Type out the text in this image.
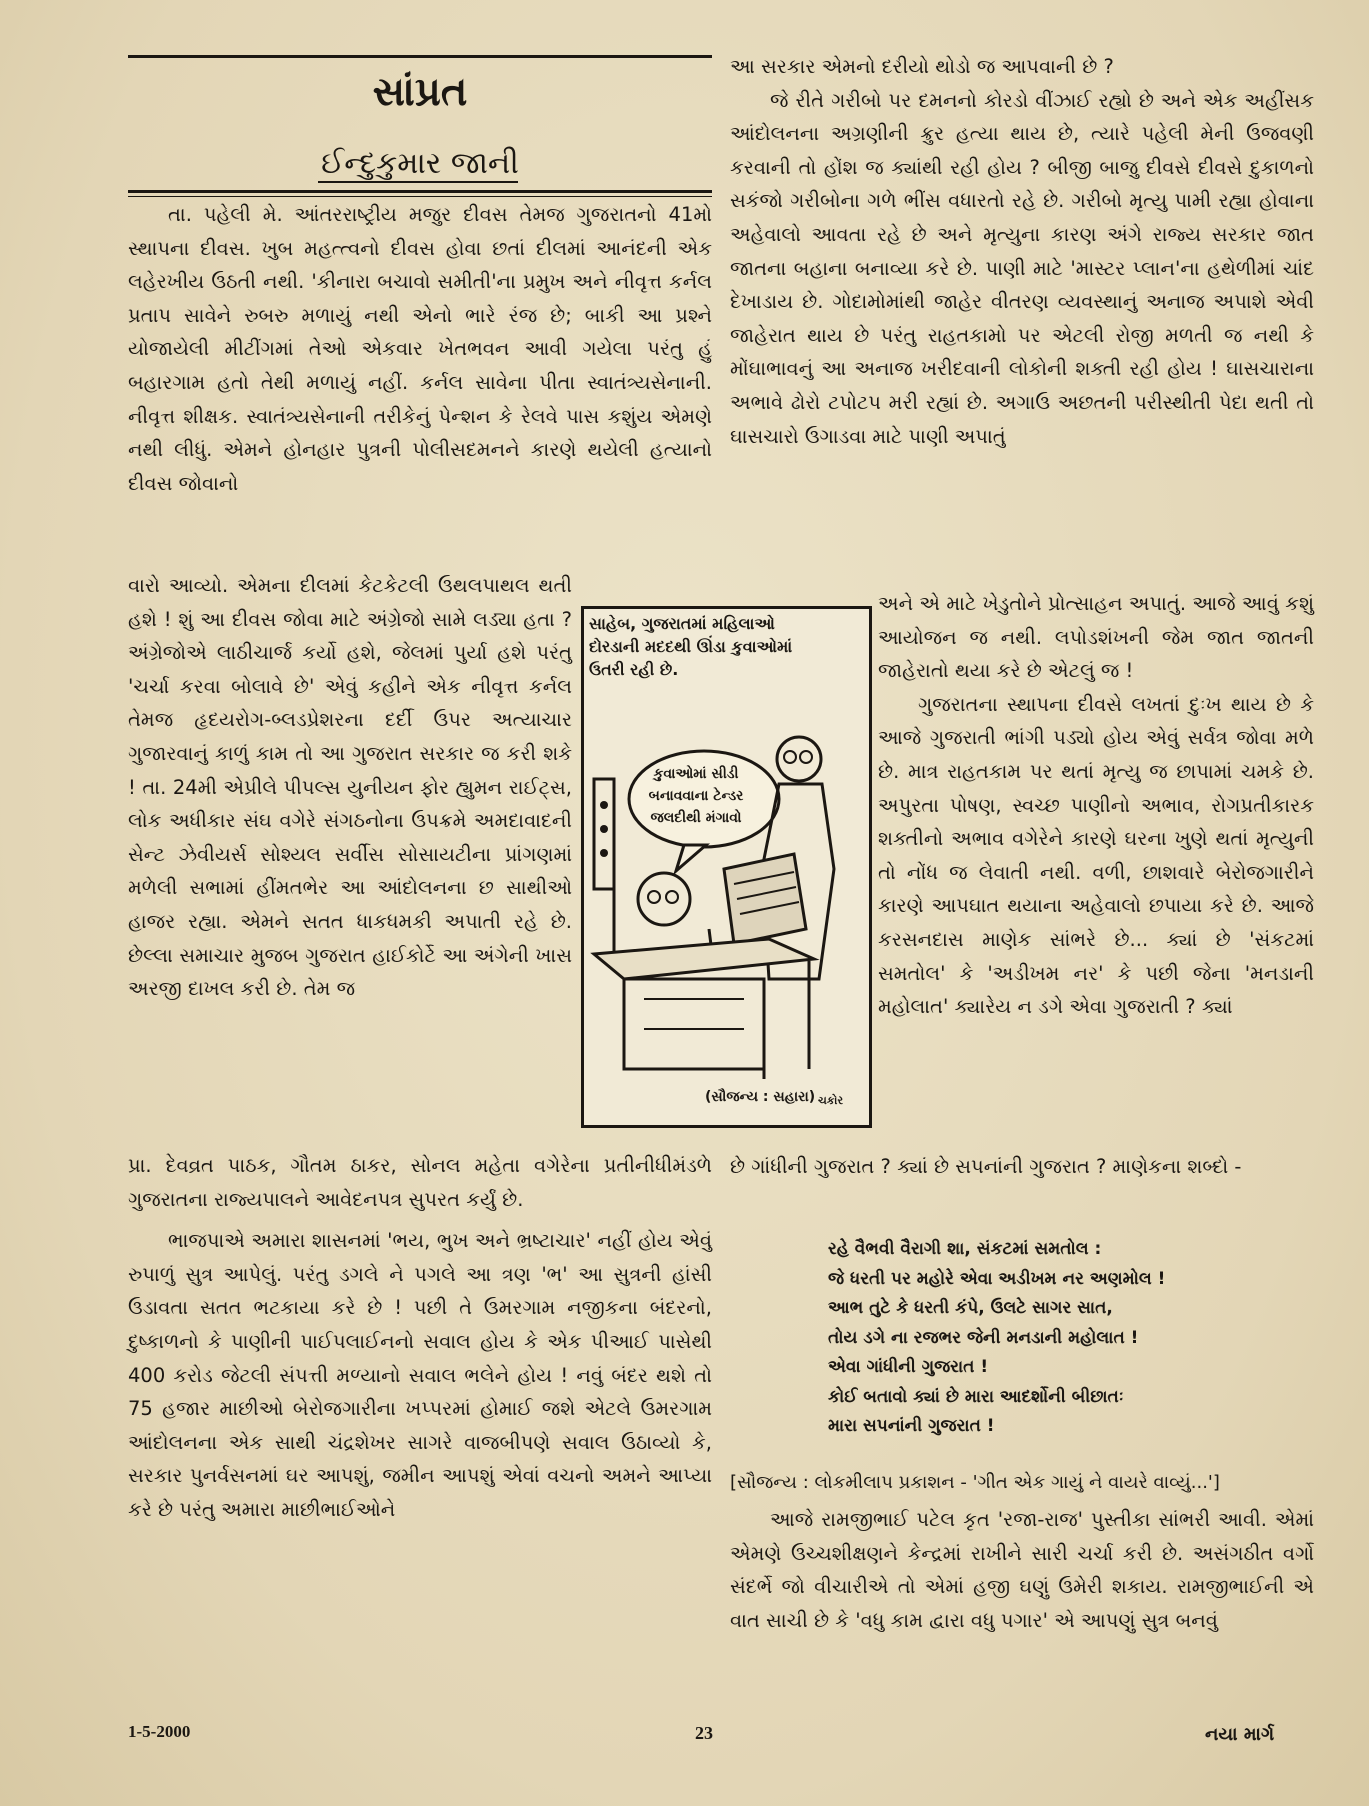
સાંપ્રત
ઈન્દુકુમાર જાની

તા. પહેલી મે. આંતરરાષ્ટ્રીય મજુર દીવસ તેમજ ગુજરાતનો 41મો સ્થાપના દીવસ. ખુબ મહત્ત્વનો દીવસ હોવા છતાં દીલમાં આનંદની એક લહેરખીય ઉઠતી નથી. 'કીનારા બચાવો સમીતી'ના પ્રમુખ અને નીવૃત્ત કર્નલ પ્રતાપ સાવેને રુબરુ મળાયું નથી એનો ભારે રંજ છે; બાકી આ પ્રશ્ને યોજાયેલી મીટીંગમાં તેઓ એકવાર ખેતભવન આવી ગયેલા પરંતુ હું બહારગામ હતો તેથી મળાયું નહીં. કર્નલ સાવેના પીતા સ્વાતંત્ર્યસેનાની. નીવૃત્ત શીક્ષક. સ્વાતંત્ર્યસેનાની તરીકેનું પેન્શન કે રેલવે પાસ કશુંય એમણે નથી લીધું. એમને હોનહાર પુત્રની પોલીસદમનને કારણે થયેલી હત્યાનો દીવસ જોવાનો

વારો આવ્યો. એમના દીલમાં કેટકેટલી ઉથલપાથલ થતી હશે ! શું આ દીવસ જોવા માટે અંગ્રેજો સામે લડ્યા હતા ? અંગ્રેજોએ લાઠીચાર્જ કર્યો હશે, જેલમાં પુર્યા હશે પરંતુ 'ચર્ચા કરવા બોલાવે છે' એવું કહીને એક નીવૃત્ત કર્નલ તેમજ હૃદયરોગ-બ્લડપ્રેશરના દર્દી ઉપર અત્યાચાર ગુજારવાનું કાળું કામ તો આ ગુજરાત સરકાર જ કરી શકે ! તા. 24મી એપ્રીલે પીપલ્સ યુનીયન ફોર હ્યુમન રાઈટ્સ, લોક અધીકાર સંઘ વગેરે સંગઠનોના ઉપક્રમે અમદાવાદની સેન્ટ ઝેવીયર્સ સોશ્યલ સર્વીસ સોસાયટીના પ્રાંગણમાં મળેલી સભામાં હીંમતભેર આ આંદોલનના છ સાથીઓ હાજર રહ્યા. એમને સતત ધાકધમકી અપાતી રહે છે. છેલ્લા સમાચાર મુજબ ગુજરાત હાઈકોર્ટે આ અંગેની ખાસ અરજી દાખલ કરી છે. તેમ જ

પ્રા. દેવવ્રત પાઠક, ગૌતમ ઠાકર, સોનલ મહેતા વગેરેના પ્રતીનીધીમંડળે ગુજરાતના રાજ્યપાલને આવેદનપત્ર સુપરત કર્યું છે.

ભાજપાએ અમારા શાસનમાં 'ભય, ભુખ અને ભ્રષ્ટાચાર' નહીં હોય એવું રુપાળું સુત્ર આપેલું. પરંતુ ડગલે ને પગલે આ ત્રણ 'ભ' આ સુત્રની હાંસી ઉડાવતા સતત ભટકાયા કરે છે ! પછી તે ઉમરગામ નજીકના બંદરનો, દુષ્કાળનો કે પાણીની પાઈપલાઈનનો સવાલ હોય કે એક પીઆઈ પાસેથી 400 કરોડ જેટલી સંપત્તી મળ્યાનો સવાલ ભલેને હોય ! નવું બંદર થશે તો 75 હજાર માછીઓ બેરોજગારીના ખપ્પરમાં હોમાઈ જશે એટલે ઉમરગામ આંદોલનના એક સાથી ચંદ્રશેખર સાગરે વાજબીપણે સવાલ ઉઠાવ્યો કે, સરકાર પુનર્વસનમાં ઘર આપશું, જમીન આપશું એવાં વચનો અમને આપ્યા કરે છે પરંતુ અમારા માછીભાઈઓને

સાહેબ, ગુજરાતમાં મહિલાઓ દોરડાની મદદથી ઊંડા કુવાઓમાં ઉતરી રહી છે.
કુવાઓમાં સીડી બનાવવાના ટેન્ડર જલદીથી મંગાવો
(સૌજન્ય : સહારા) ચકોર

આ સરકાર એમનો દરીયો થોડો જ આપવાની છે ?

જે રીતે ગરીબો પર દમનનો કોરડો વીંઝાઈ રહ્યો છે અને એક અહીંસક આંદોલનના અગ્રણીની ક્રુર હત્યા થાય છે, ત્યારે પહેલી મેની ઉજવણી કરવાની તો હોંશ જ ક્યાંથી રહી હોય ? બીજી બાજુ દીવસે દીવસે દુકાળનો સકંજો ગરીબોના ગળે ભીંસ વધારતો રહે છે. ગરીબો મૃત્યુ પામી રહ્યા હોવાના અહેવાલો આવતા રહે છે અને મૃત્યુના કારણ અંગે રાજ્ય સરકાર જાત જાતના બહાના બનાવ્યા કરે છે. પાણી માટે 'માસ્ટર પ્લાન'ના હથેળીમાં ચાંદ દેખાડાય છે. ગોદામોમાંથી જાહેર વીતરણ વ્યવસ્થાનું અનાજ અપાશે એવી જાહેરાત થાય છે પરંતુ રાહતકામો પર એટલી રોજી મળતી જ નથી કે મોંઘાભાવનું આ અનાજ ખરીદવાની લોકોની શક્તી રહી હોય ! ઘાસચારાના અભાવે ઢોરો ટપોટપ મરી રહ્યાં છે. અગાઉ અછતની પરીસ્થીતી પેદા થતી તો ઘાસચારો ઉગાડવા માટે પાણી અપાતું

અને એ માટે ખેડુતોને પ્રોત્સાહન અપાતું. આજે આવું કશું આયોજન જ નથી. લપોડશંખની જેમ જાત જાતની જાહેરાતો થયા કરે છે એટલું જ !

ગુજરાતના સ્થાપના દીવસે લખતાં દુઃખ થાય છે કે આજે ગુજરાતી ભાંગી પડ્યો હોય એવું સર્વત્ર જોવા મળે છે. માત્ર રાહતકામ પર થતાં મૃત્યુ જ છાપામાં ચમકે છે. અપુરતા પોષણ, સ્વચ્છ પાણીનો અભાવ, રોગપ્રતીકારક શક્તીનો અભાવ વગેરેને કારણે ઘરના ખુણે થતાં મૃત્યુની તો નોંધ જ લેવાતી નથી. વળી, છાશવારે બેરોજગારીને કારણે આપઘાત થયાના અહેવાલો છપાયા કરે છે. આજે કરસનદાસ માણેક સાંભરે છે... ક્યાં છે 'સંકટમાં સમતોલ' કે 'અડીખમ નર' કે પછી જેના 'મનડાની મહોલાત' ક્યારેય ન ડગે એવા ગુજરાતી ? ક્યાં

છે ગાંધીની ગુજરાત ? ક્યાં છે સપનાંની ગુજરાત ? માણેકના શબ્દો -

રહે વૈભવી વૈરાગી શા, સંકટમાં સમતોલ :

જે ધરતી પર મહોરે એવા અડીખમ નર અણમોલ !

આભ તુટે કે ધરતી કંપે, ઉલટે સાગર સાત,

તોય ડગે ના રજભર જેની મનડાની મહોલાત !

એવા ગાંધીની ગુજરાત !

કોઈ બતાવો ક્યાં છે મારા આદર્શોની બીછાતઃ

મારા સપનાંની ગુજરાત !

[સૌજન્ય : લોકમીલાપ પ્રકાશન - 'ગીત એક ગાયું ને વાયરે વાવ્યું...']

આજે રામજીભાઈ પટેલ કૃત 'રજા-રાજ' પુસ્તીકા સાંભરી આવી. એમાં એમણે ઉચ્ચશીક્ષણને કેન્દ્રમાં રાખીને સારી ચર્ચા કરી છે. અસંગઠીત વર્ગો સંદર્ભે જો વીચારીએ તો એમાં હજી ઘણું ઉમેરી શકાય. રામજીભાઈની એ વાત સાચી છે કે 'વધુ કામ દ્વારા વધુ પગાર' એ આપણું સુત્ર બનવું

1-5-2000	23	નયા માર્ગ
